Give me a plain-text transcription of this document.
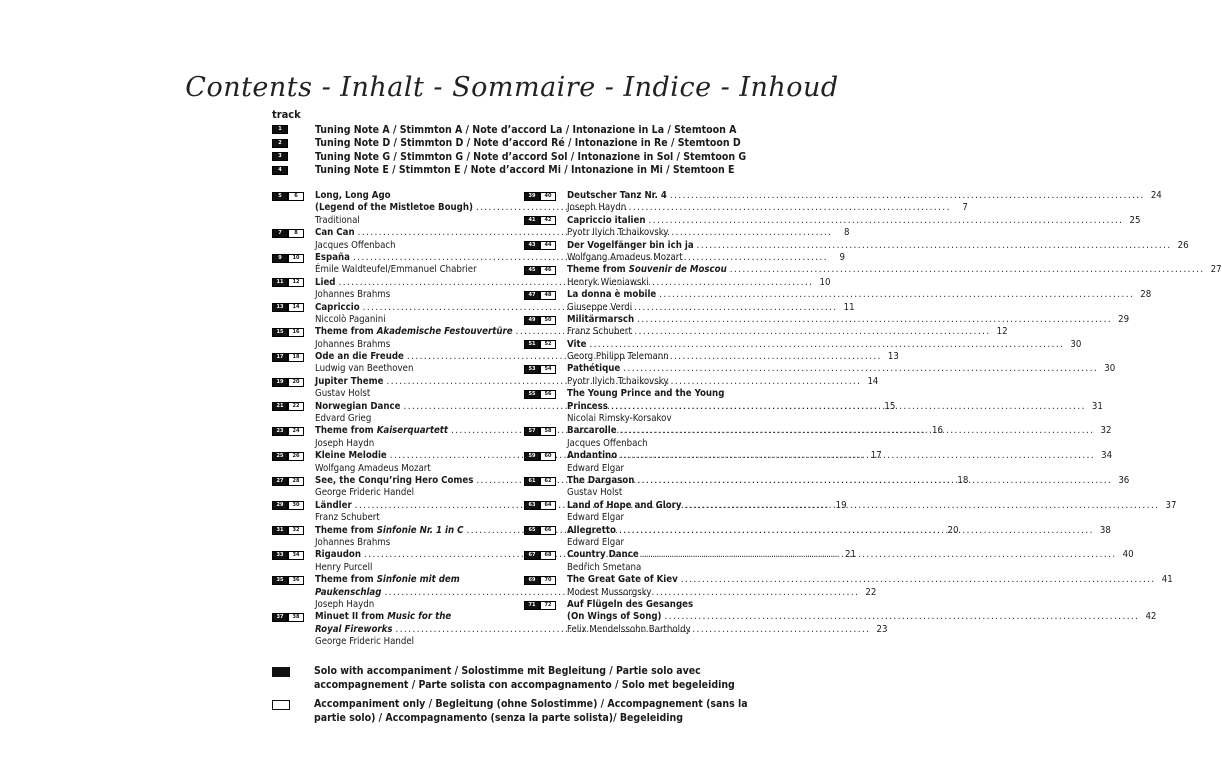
Contents - Inhalt - Sommaire - Indice - Inhoud
track
1	Tuning Note A / Stimmton A / Note d’accord La / Intonazione in La / Stemtoon A
2	Tuning Note D / Stimmton D / Note d’accord Ré / Intonazione in Re / Stemtoon D
3	Tuning Note G / Stimmton G / Note d’accord Sol / Intonazione in Sol / Stemtoon G
4	Tuning Note E / Stimmton E / Note d’accord Mi / Intonazione in Mi / Stemtoon E
5	6	Long, Long Ago
(Legend of the Mistletoe Bough) .....	7
Traditional
7	8	Can Can .....	8
Jacques Offenbach
9	10	España .....	9
Émile Waldteufel/Emmanuel Chabrier
11	12	Lied .....	10
Johannes Brahms
13	14	Capriccio .....	11
Niccolò Paganini
15	16	Theme from Akademische Festouvertüre .....	12
Johannes Brahms
17	18	Ode an die Freude .....	13
Ludwig van Beethoven
19	20	Jupiter Theme .....	14
Gustav Holst
21	22	Norwegian Dance .....	15
Edvard Grieg
23	24	Theme from Kaiserquartett .....	16
Joseph Haydn
25	26	Kleine Melodie .....	17
Wolfgang Amadeus Mozart
27	28	See, the Conqu’ring Hero Comes .....	18
George Frideric Handel
29	30	Ländler .....	19
Franz Schubert
31	32	Theme from Sinfonie Nr. 1 in C .....	20
Johannes Brahms
33	34	Rigaudon .....	21
Henry Purcell
35	36	Theme from Sinfonie mit dem
Paukenschlag .....	22
Joseph Haydn
37	38	Minuet II from Music for the
Royal Fireworks .....	23
George Frideric Handel
39	40	Deutscher Tanz Nr. 4 .....	24
Joseph Haydn
41	42	Capriccio italien .....	25
Pyotr Ilyich Tchaikovsky
43	44	Der Vogelfänger bin ich ja .....	26
Wolfgang Amadeus Mozart
45	46	Theme from Souvenir de Moscou .....	27
Henryk Wieniawski
47	48	La donna è mobile .....	28
Giuseppe Verdi
49	50	Militärmarsch .....	29
Franz Schubert
51	52	Vite .....	30
Georg Philipp Telemann
53	54	Pathétique .....	30
Pyotr Ilyich Tchaikovsky
55	56	The Young Prince and the Young
Princess .....	31
Nicolai Rimsky-Korsakov
57	58	Barcarolle .....	32
Jacques Offenbach
59	60	Andantino .....	34
Edward Elgar
61	62	The Dargason .....	36
Gustav Holst
63	64	Land of Hope and Glory .....	37
Edward Elgar
65	66	Allegretto .....	38
Edward Elgar
67	68	Country Dance .....	40
Bedřich Smetana
69	70	The Great Gate of Kiev .....	41
Modest Mussorgsky
71	72	Auf Flügeln des Gesanges
(On Wings of Song) .....	42
Felix Mendelssohn Bartholdy
Solo with accompaniment / Solostimme mit Begleitung / Partie solo avec accompagnement / Parte solista con accompagnamento / Solo met begeleiding
Accompaniment only / Begleitung (ohne Solostimme) / Accompagnement (sans la partie solo) / Accompagnamento (senza la parte solista)/ Begeleiding
